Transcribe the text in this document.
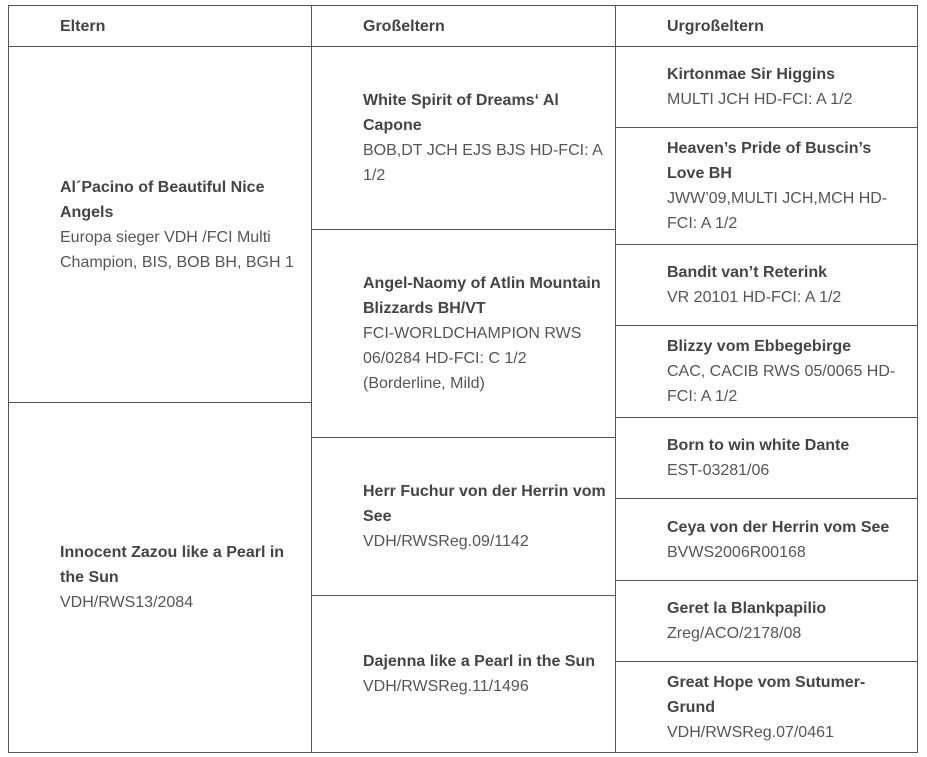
Eltern	Großeltern	Urgroßeltern
Al´Pacino of Beautiful Nice Angels
Europa sieger VDH /FCI Multi Champion, BIS, BOB BH, BGH 1
Innocent Zazou like a Pearl in the Sun
VDH/RWS13/2084
White Spirit of Dreams‘ Al Capone
BOB,DT JCH EJS BJS HD-FCI: A 1/2
Angel-Naomy of Atlin Mountain Blizzards BH/VT
FCI-WORLDCHAMPION RWS 06/0284 HD-FCI: C 1/2 (Borderline, Mild)
Herr Fuchur von der Herrin vom See
VDH/RWSReg.09/1142
Dajenna like a Pearl in the Sun
VDH/RWSReg.11/1496
Kirtonmae Sir Higgins
MULTI JCH HD-FCI: A 1/2
Heaven’s Pride of Buscin’s Love BH
JWW’09,MULTI JCH,MCH HD-FCI: A 1/2
Bandit van’t Reterink
VR 20101 HD-FCI: A 1/2
Blizzy vom Ebbegebirge
CAC, CACIB RWS 05/0065 HD-FCI: A 1/2
Born to win white Dante
EST-03281/06
Ceya von der Herrin vom See
BVWS2006R00168
Geret la Blankpapilio
Zreg/ACO/2178/08
Great Hope vom Sutumer-Grund
VDH/RWSReg.07/0461
